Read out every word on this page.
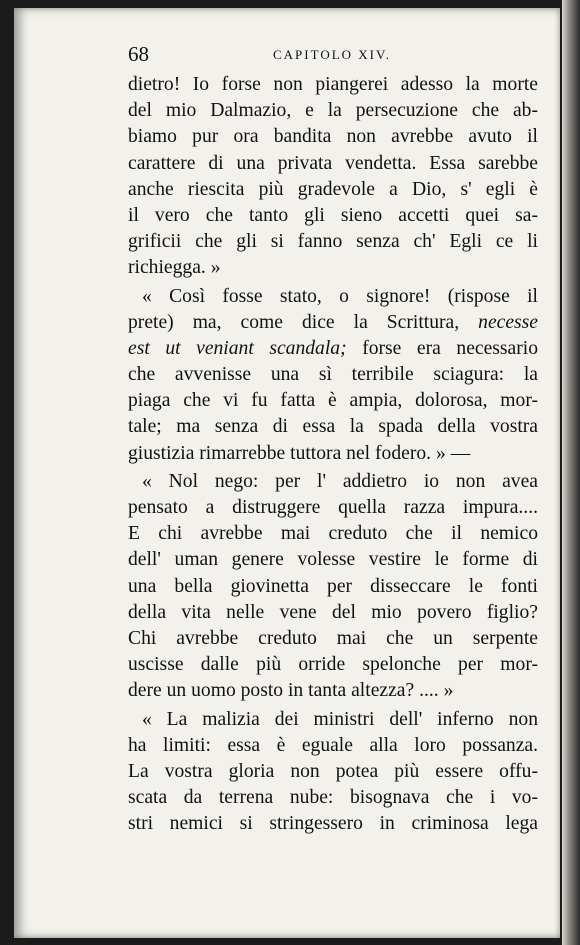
68	CAPITOLO XIV.
dietro! Io forse non piangerei adesso la morte
del mio Dalmazio, e la persecuzione che ab-
biamo pur ora bandita non avrebbe avuto il
carattere di una privata vendetta. Essa sarebbe
anche riescita più gradevole a Dio, s' egli è
il vero che tanto gli sieno accetti quei sa-
grificii che gli si fanno senza ch' Egli ce li
richiegga. »
« Così fosse stato, o signore! (rispose il
prete) ma, come dice la Scrittura, necesse
est ut veniant scandala; forse era necessario
che avvenisse una sì terribile sciagura: la
piaga che vi fu fatta è ampia, dolorosa, mor-
tale; ma senza di essa la spada della vostra
giustizia rimarrebbe tuttora nel fodero. » —
« Nol nego: per l' addietro io non avea
pensato a distruggere quella razza impura....
E chi avrebbe mai creduto che il nemico
dell' uman genere volesse vestire le forme di
una bella giovinetta per disseccare le fonti
della vita nelle vene del mio povero figlio?
Chi avrebbe creduto mai che un serpente
uscisse dalle più orride spelonche per mor-
dere un uomo posto in tanta altezza? .... »
« La malizia dei ministri dell' inferno non
ha limiti: essa è eguale alla loro possanza.
La vostra gloria non potea più essere offu-
scata da terrena nube: bisognava che i vo-
stri nemici si stringessero in criminosa lega
